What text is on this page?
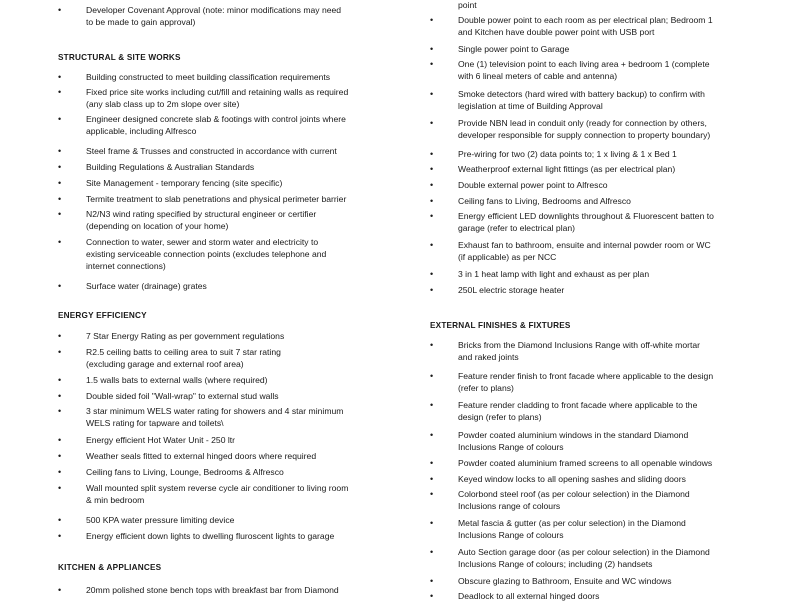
•	Developer Covenant Approval (note: minor modifications may need
to be made to gain approval)
STRUCTURAL & SITE WORKS
•	Building constructed to meet building classification requirements
•	Fixed price site works including cut/fill and retaining walls as required
(any slab class up to 2m slope over site)
•	Engineer designed concrete slab & footings with control joints where
applicable, including Alfresco
•	Steel frame & Trusses and constructed in accordance with current
•	Building Regulations & Australian Standards
•	Site Management - temporary fencing (site specific)
•	Termite treatment to slab penetrations and physical perimeter barrier
•	N2/N3 wind rating specified by structural engineer or certifier
(depending on location of your home)
•	Connection to water, sewer and storm water and electricity to
existing serviceable connection points (excludes telephone and
internet connections)
•	Surface water (drainage) grates
ENERGY EFFICIENCY
•	7 Star Energy Rating as per government regulations
•	R2.5 ceiling batts to ceiling area to suit 7 star rating
(excluding garage and external roof area)
•	1.5 walls bats to external walls (where required)
•	Double sided foil "Wall-wrap" to external stud walls
•	3 star minimum WELS water rating for showers and 4 star minimum
WELS rating for tapware and toilets\
•	Energy efficient Hot Water Unit - 250 ltr
•	Weather seals fitted to external hinged doors where required
•	Ceiling fans to Living, Lounge, Bedrooms & Alfresco
•	Wall mounted split system reverse cycle air conditioner to living room
& min bedroom
•	500 KPA water pressure limiting device
•	Energy efficient down lights to dwelling fluroscent lights to garage
KITCHEN & APPLIANCES
•	20mm polished stone bench tops with breakfast bar from Diamond
point
•	Double power point to each room as per electrical plan; Bedroom 1
and Kitchen have double power point with USB port
•	Single power point to Garage
•	One (1) television point to each living area + bedroom 1 (complete
with 6 lineal meters of cable and antenna)
•	Smoke detectors (hard wired with battery backup) to confirm with
legislation at time of Building Approval
•	Provide NBN lead in conduit only (ready for connection by others,
developer responsible for supply connection to property boundary)
•	Pre-wiring for two (2) data points to; 1 x living & 1 x Bed 1
•	Weatherproof external light fittings (as per electrical plan)
•	Double external power point to Alfresco
•	Ceiling fans to Living, Bedrooms and Alfresco
•	Energy efficient LED downlights throughout & Fluorescent batten to
garage (refer to electrical plan)
•	Exhaust fan to bathroom, ensuite and internal powder room or WC
(if applicable) as per NCC
•	3 in 1 heat lamp with light and exhaust as per plan
•	250L electric storage heater
EXTERNAL FINISHES & FIXTURES
•	Bricks from the Diamond Inclusions Range with off-white mortar
and raked joints
•	Feature render finish to front facade where applicable to the design
(refer to plans)
•	Feature render cladding to front facade where applicable to the
design (refer to plans)
•	Powder coated aluminium windows in the standard Diamond
Inclusions Range of colours
•	Powder coated aluminium framed screens to all openable windows
•	Keyed window locks to all opening sashes and sliding doors
•	Colorbond steel roof (as per colour selection) in the Diamond
Inclusions range of colours
•	Metal fascia & gutter (as per colur selection) in the Diamond
Inclusions Range of colours
•	Auto Section garage door (as per colour selection) in the Diamond
Inclusions Range of colours; including (2) handsets
•	Obscure glazing to Bathroom, Ensuite and WC windows
•	Deadlock to all external hinged doors
